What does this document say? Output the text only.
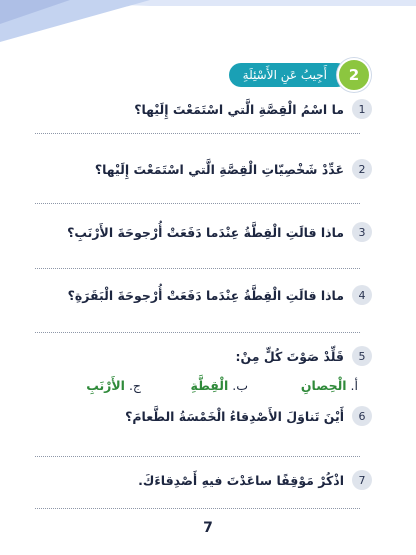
2
أَجِيبُ عَنِ الأَسْئِلَةِ
1
ما اسْمُ الْقِصَّةِ الَّتي اسْتَمَعْتَ إِلَيْها؟
2
عَدِّدْ شَخْصِيّاتِ الْقِصَّةِ الَّتي اسْتَمَعْتَ إِلَيْها؟
3
ماذا قالَتِ الْقِطَّةُ عِنْدَما دَفَعَتْ أُرْجوحَةَ الأَرْنَبِ؟
4
ماذا قالَتِ الْقِطَّةُ عِنْدَما دَفَعَتْ أُرْجوحَةَ الْبَقَرَةِ؟
5
قَلِّدْ صَوْتَ كُلٍّ مِنْ:
أ. الْحِصانِ
ب. الْقِطَّةِ
ج. الأَرْنَبِ
6
أَيْنَ تَناوَلَ الأَصْدِقاءُ الْخَمْسَةُ الطَّعامَ؟
7
اذْكُرْ مَوْقِفًا ساعَدْتَ فيهِ أَصْدِقاءَكَ.
7
